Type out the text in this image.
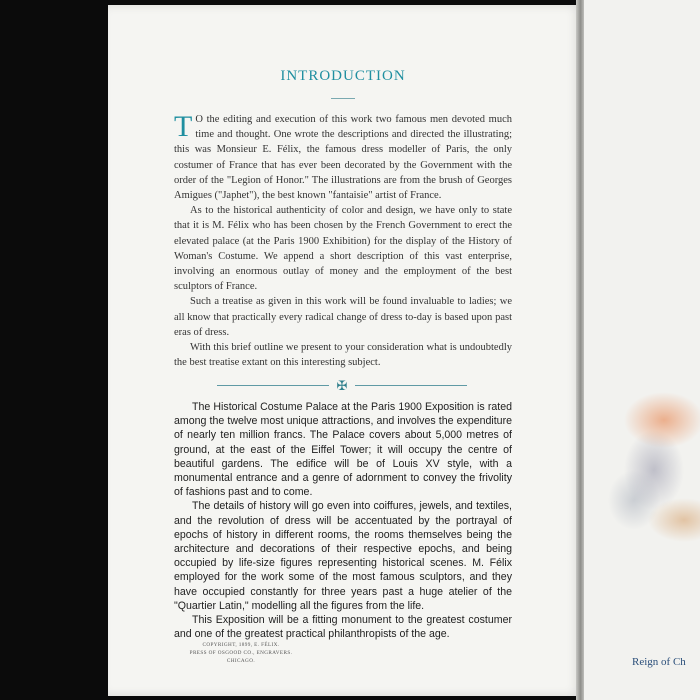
Reign of Ch
INTRODUCTION

T O the editing and execution of this work two famous men devoted much time and thought. One wrote the descriptions and directed the illustrating; this was Monsieur E. Félix, the famous dress modeller of Paris, the only costumer of France that has ever been decorated by the Government with the order of the "Legion of Honor." The illustrations are from the brush of Georges Amigues ("Japhet"), the best known "fantaisie" artist of France.

As to the historical authenticity of color and design, we have only to state that it is M. Félix who has been chosen by the French Government to erect the elevated palace (at the Paris 1900 Exhibition) for the display of the History of Woman's Costume. We append a short description of this vast enterprise, involving an enormous outlay of money and the employment of the best sculptors of France.

Such a treatise as given in this work will be found invaluable to ladies; we all know that practically every radical change of dress to-day is based upon past eras of dress.

With this brief outline we present to your consideration what is undoubtedly the best treatise extant on this interesting subject.

✠

The Historical Costume Palace at the Paris 1900 Exposition is rated among the twelve most unique attractions, and involves the expenditure of nearly ten million francs. The Palace covers about 5,000 metres of ground, at the east of the Eiffel Tower; it will occupy the centre of beautiful gardens. The edifice will be of Louis XV style, with a monumental entrance and a genre of adornment to convey the frivolity of fashions past and to come.

The details of history will go even into coiffures, jewels, and textiles, and the revolution of dress will be accentuated by the portrayal of epochs of history in different rooms, the rooms themselves being the architecture and decorations of their respective epochs, and being occupied by life-size figures representing historical scenes. M. Félix employed for the work some of the most famous sculptors, and they have occupied constantly for three years past a huge atelier of the "Quartier Latin," modelling all the figures from the life.

This Exposition will be a fitting monument to the greatest costumer and one of the greatest practical philanthropists of the age.

COPYRIGHT, 1899, E. FÉLIX.
PRESS OF OSGOOD CO., ENGRAVERS.
CHICAGO.
